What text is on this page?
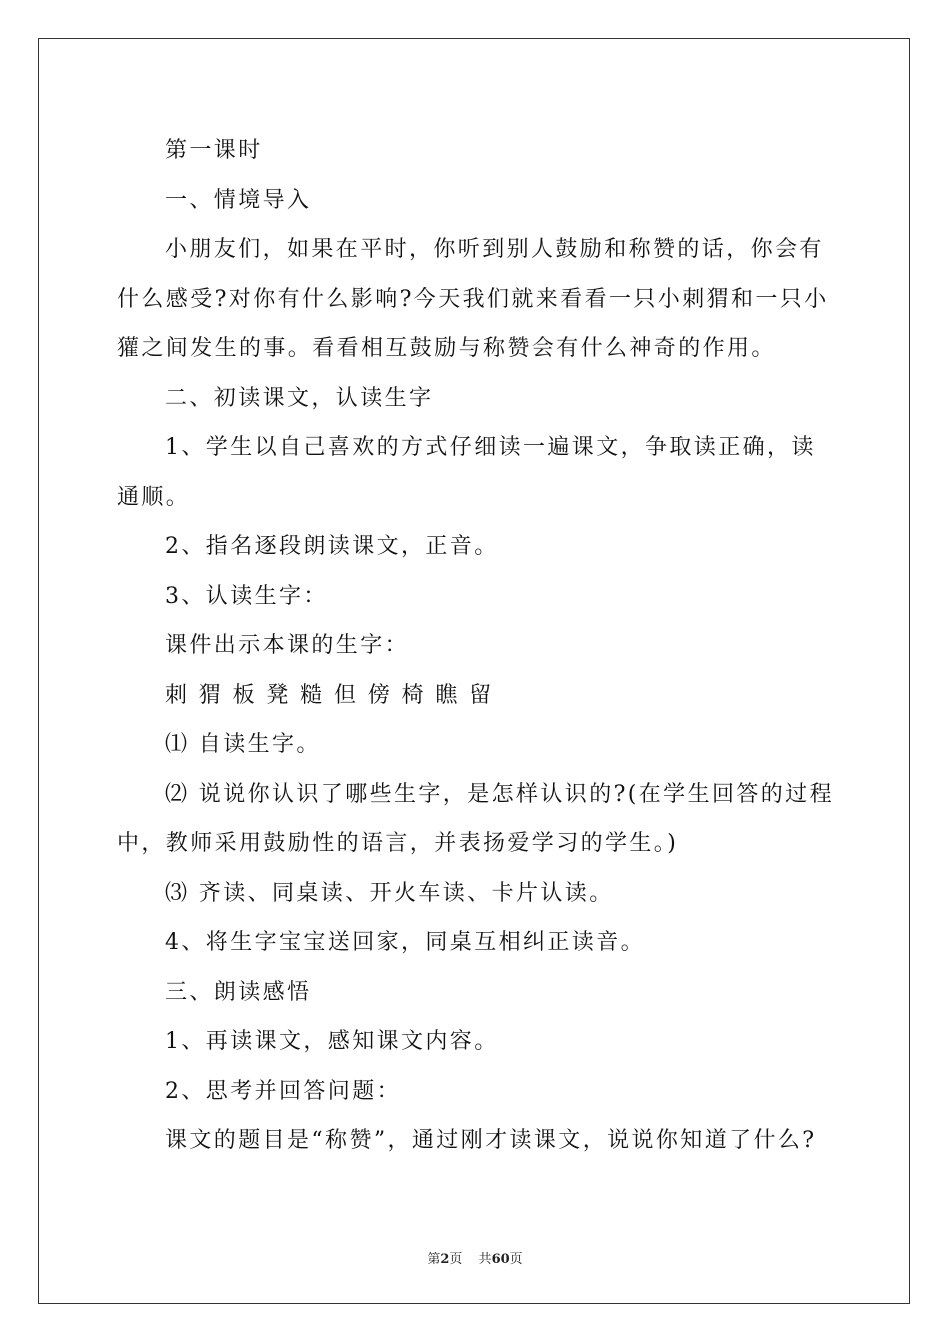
第一课时

一、情境导入

小朋友们，如果在平时，你听到别人鼓励和称赞的话，你会有什么感受?对你有什么影响?今天我们就来看看一只小刺猬和一只小獾之间发生的事。看看相互鼓励与称赞会有什么神奇的作用。

二、初读课文，认读生字

1、学生以自己喜欢的方式仔细读一遍课文，争取读正确，读通顺。

2、指名逐段朗读课文，正音。

3、认读生字：

课件出示本课的生字：

刺 猬 板 凳 糙 但 傍 椅 瞧 留

⑴ 自读生字。

⑵ 说说你认识了哪些生字，是怎样认识的?(在学生回答的过程中，教师采用鼓励性的语言，并表扬爱学习的学生。)

⑶ 齐读、同桌读、开火车读、卡片认读。

4、将生字宝宝送回家，同桌互相纠正读音。

三、朗读感悟

1、再读课文，感知课文内容。

2、思考并回答问题：

课文的题目是“称赞”，通过刚才读课文，说说你知道了什么?

第2页 共60页
